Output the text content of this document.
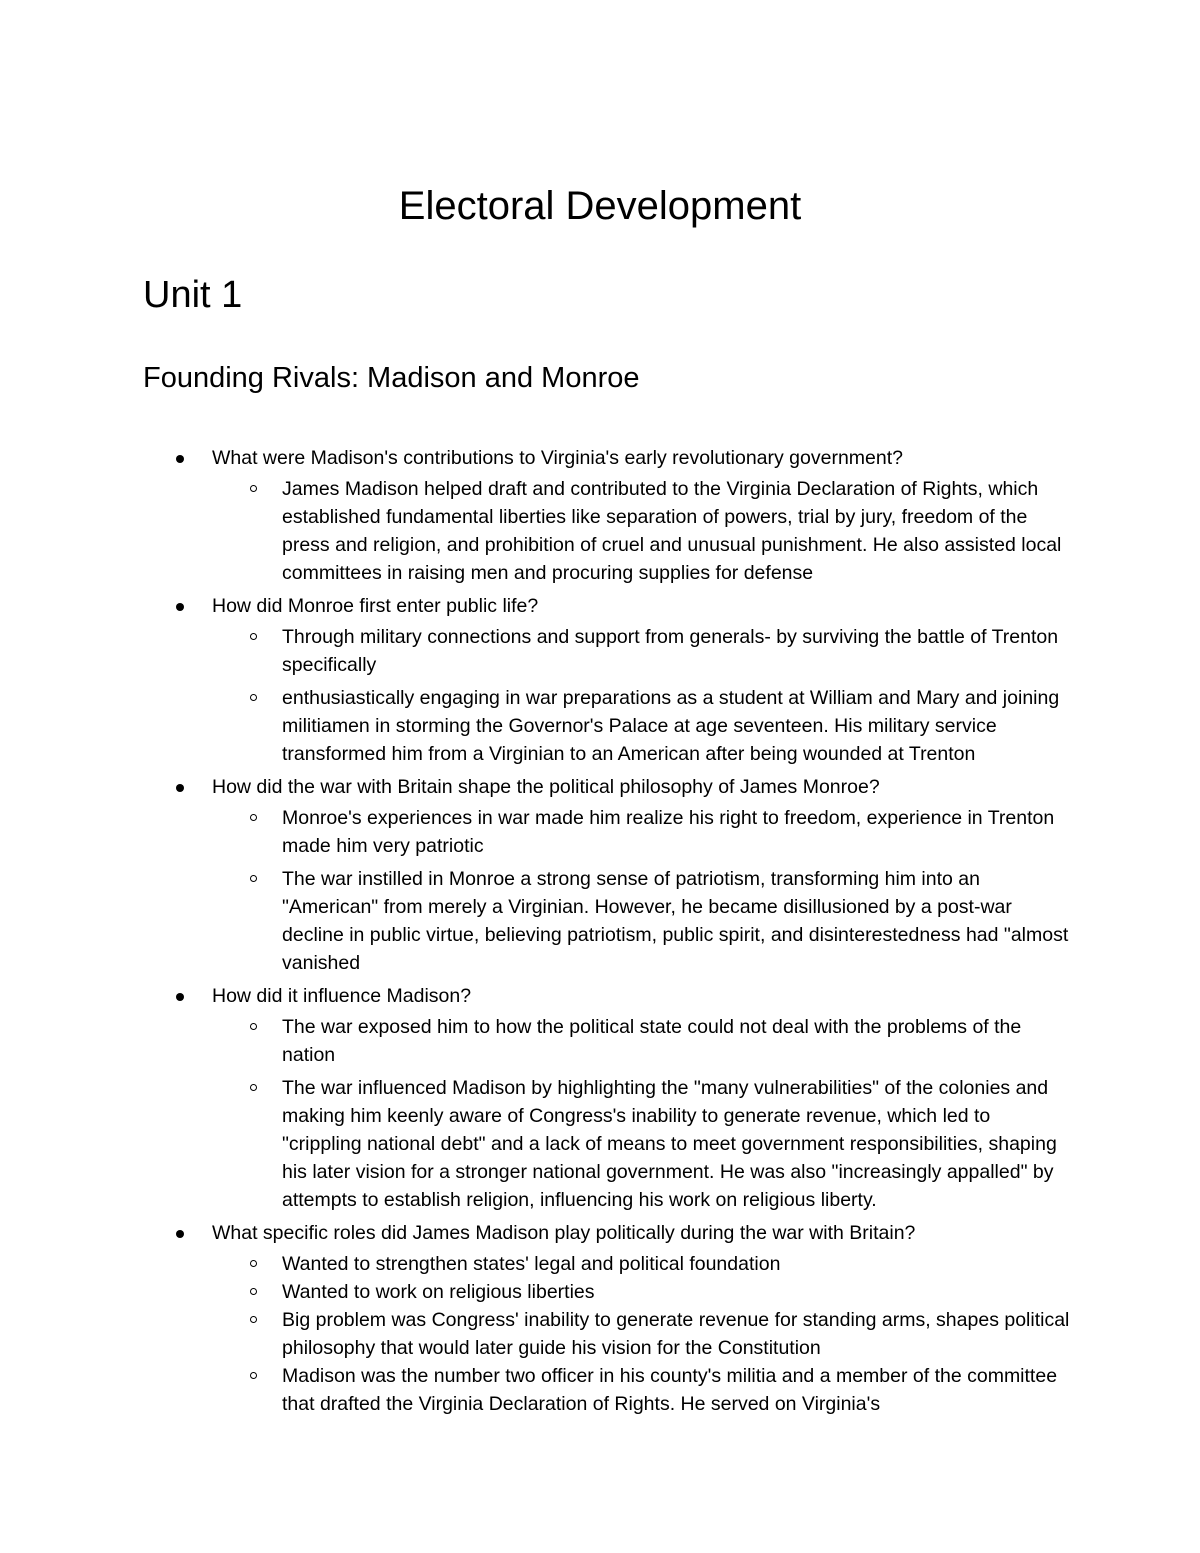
Electoral Development
Unit 1
Founding Rivals: Madison and Monroe
What were Madison's contributions to Virginia's early revolutionary government?
James Madison helped draft and contributed to the Virginia Declaration of Rights, which established fundamental liberties like separation of powers, trial by jury, freedom of the press and religion, and prohibition of cruel and unusual punishment. He also assisted local committees in raising men and procuring supplies for defense
How did Monroe first enter public life?
Through military connections and support from generals- by surviving the battle of Trenton specifically
enthusiastically engaging in war preparations as a student at William and Mary and joining militiamen in storming the Governor's Palace at age seventeen. His military service transformed him from a Virginian to an American after being wounded at Trenton
How did the war with Britain shape the political philosophy of James Monroe?
Monroe's experiences in war made him realize his right to freedom, experience in Trenton made him very patriotic
The war instilled in Monroe a strong sense of patriotism, transforming him into an "American" from merely a Virginian. However, he became disillusioned by a post-war decline in public virtue, believing patriotism, public spirit, and disinterestedness had "almost vanished
How did it influence Madison?
The war exposed him to how the political state could not deal with the problems of the nation
The war influenced Madison by highlighting the "many vulnerabilities" of the colonies and making him keenly aware of Congress's inability to generate revenue, which led to "crippling national debt" and a lack of means to meet government responsibilities, shaping his later vision for a stronger national government. He was also "increasingly appalled" by attempts to establish religion, influencing his work on religious liberty.
What specific roles did James Madison play politically during the war with Britain?
Wanted to strengthen states' legal and political foundation
Wanted to work on religious liberties
Big problem was Congress' inability to generate revenue for standing arms, shapes political philosophy that would later guide his vision for the Constitution
Madison was the number two officer in his county's militia and a member of the committee that drafted the Virginia Declaration of Rights. He served on Virginia's
